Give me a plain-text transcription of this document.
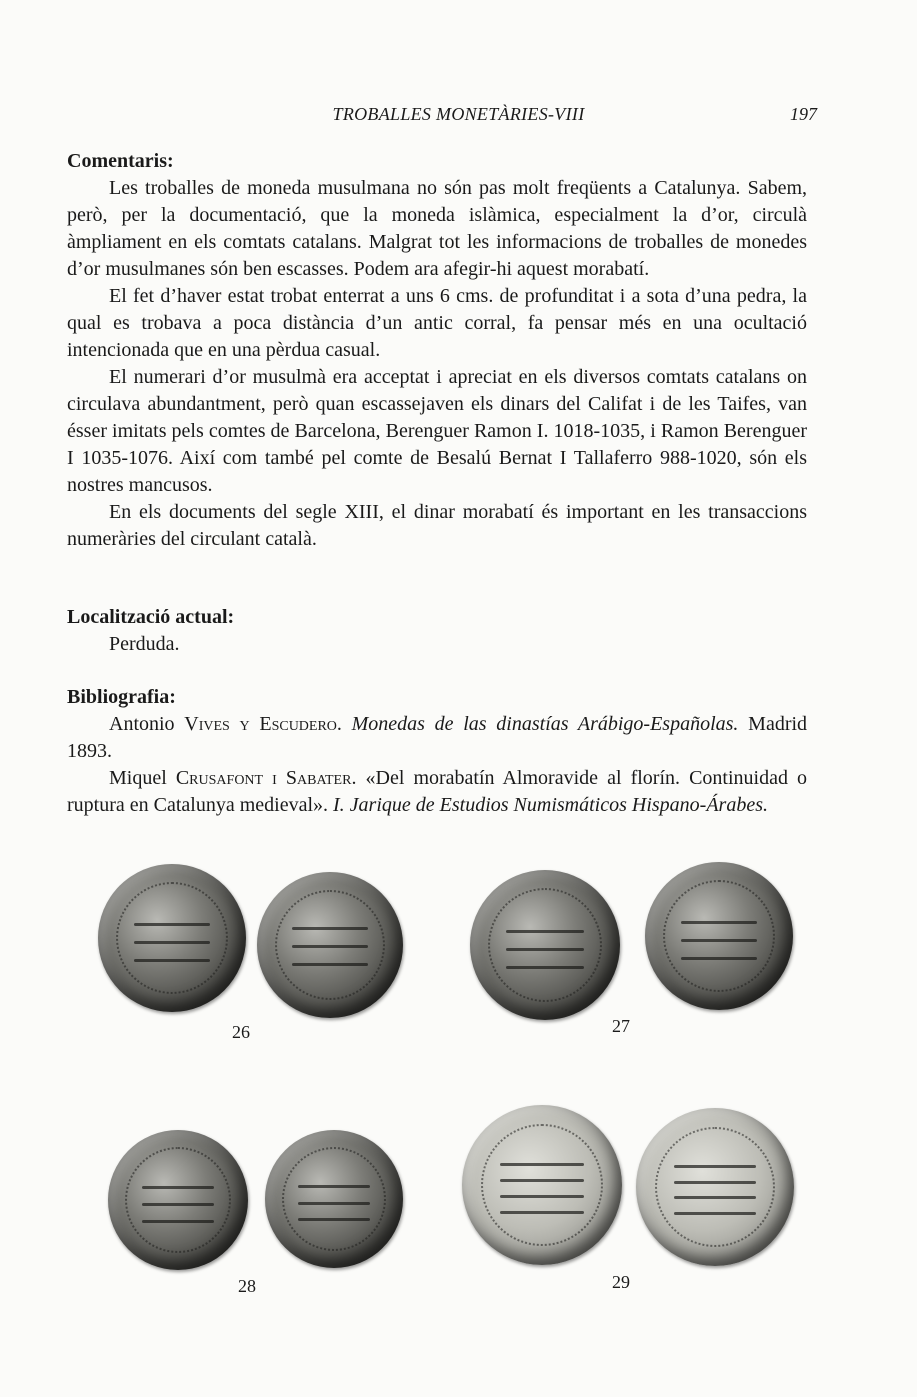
TROBALLES MONETÀRIES-VIII	197
Comentaris:

Les troballes de moneda musulmana no són pas molt freqüents a Catalunya. Sabem, però, per la documentació, que la moneda islàmica, especialment la d’or, circulà àmpliament en els comtats catalans. Malgrat tot les informacions de troballes de monedes d’or musulmanes són ben escasses. Podem ara afegir-hi aquest morabatí.

El fet d’haver estat trobat enterrat a uns 6 cms. de profunditat i a sota d’una pedra, la qual es trobava a poca distància d’un antic corral, fa pensar més en una ocultació intencionada que en una pèrdua casual.

El numerari d’or musulmà era acceptat i apreciat en els diversos comtats catalans on circulava abundantment, però quan escassejaven els dinars del Califat i de les Taifes, van ésser imitats pels comtes de Barcelona, Berenguer Ramon I. 1018-1035, i Ramon Berenguer I 1035-1076. Així com també pel comte de Besalú Bernat I Tallaferro 988-1020, són els nostres mancusos.

En els documents del segle XIII, el dinar morabatí és important en les transaccions numeràries del circulant català.

Localització actual:
Perduda.
Bibliografia:

Antonio Vives y Escudero. Monedas de las dinastías Arábigo-Españolas. Madrid 1893.

Miquel Crusafont i Sabater. «Del morabatín Almoravide al florín. Continuidad o ruptura en Catalunya medieval». I. Jarique de Estudios Numismáticos Hispano-Árabes.

26	27
28	29
